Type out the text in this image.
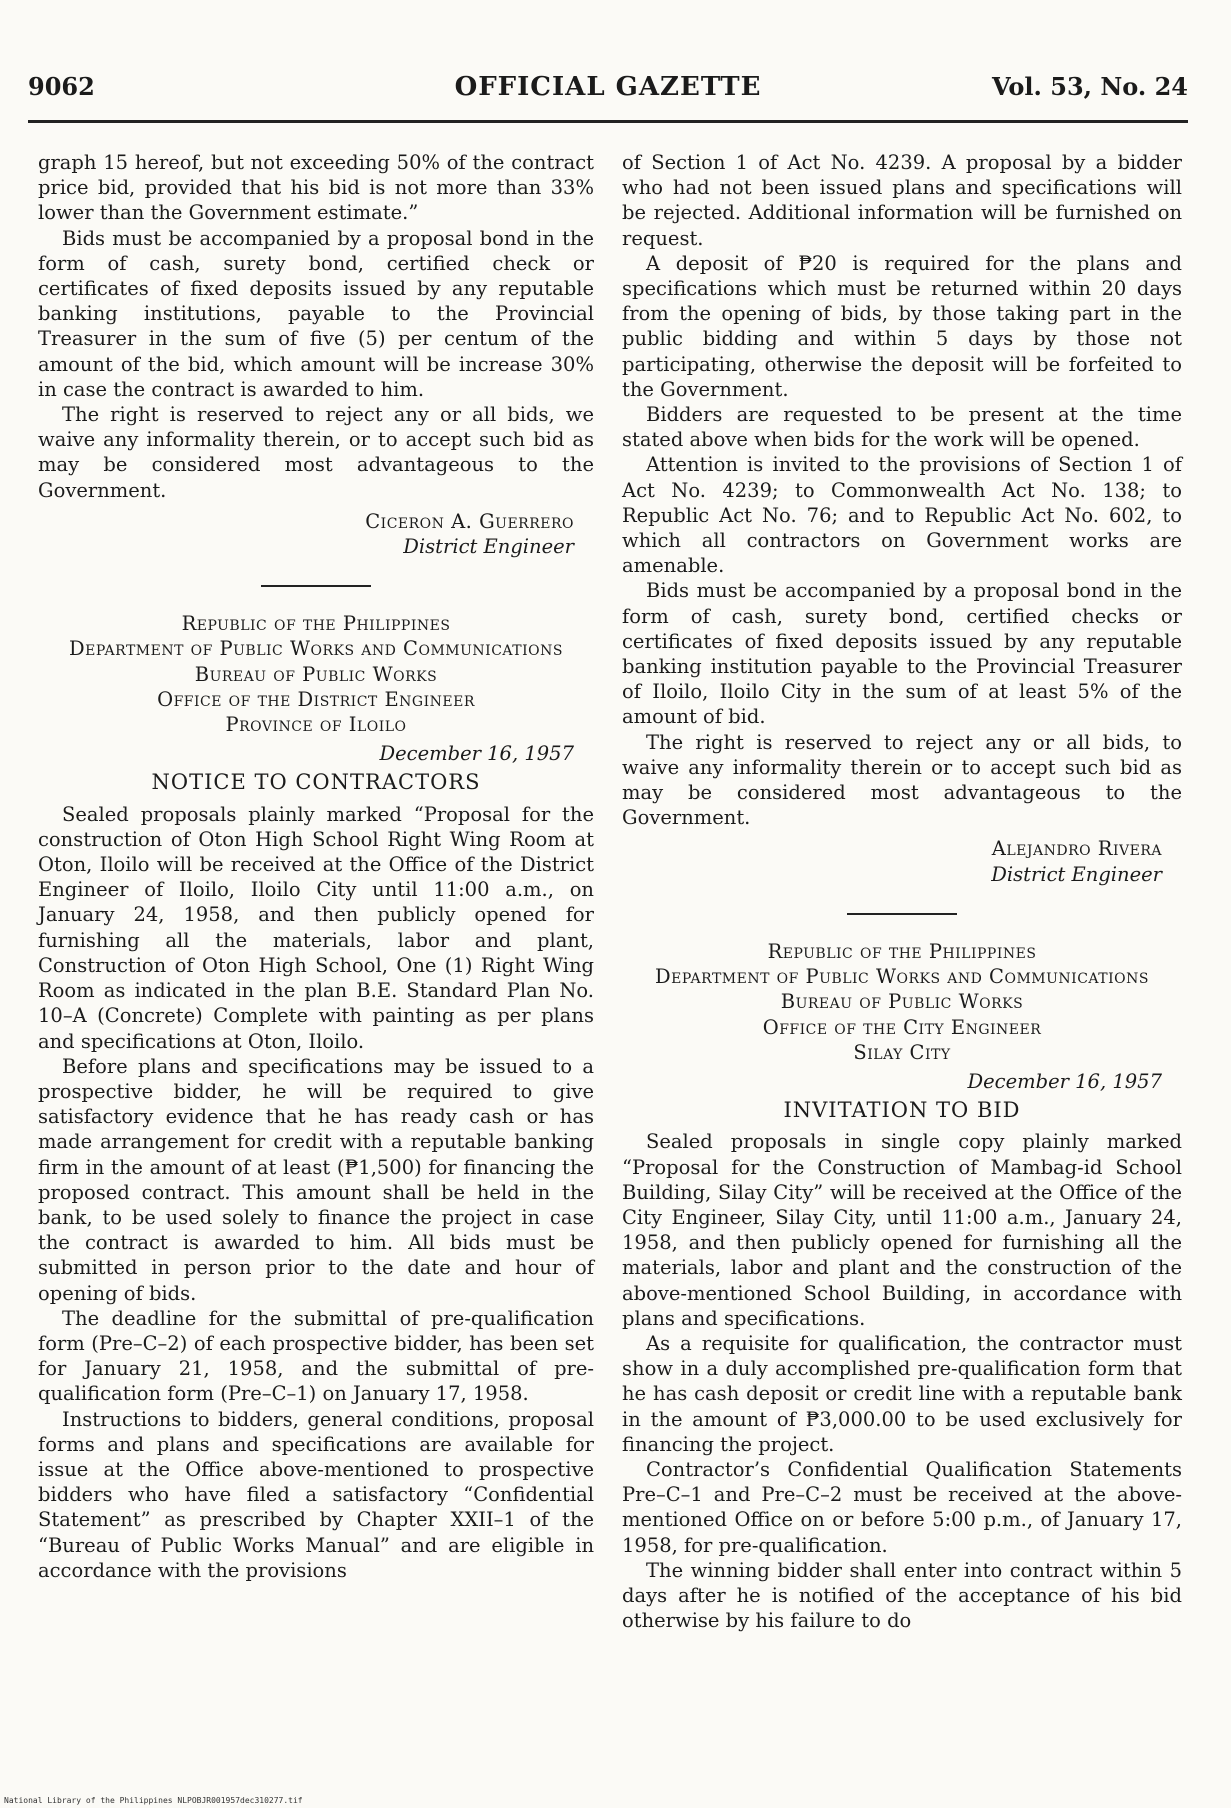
9062	OFFICIAL GAZETTE	Vol. 53, No. 24

graph 15 hereof, but not exceeding 50% of the contract price bid, provided that his bid is not more than 33% lower than the Government estimate.”

Bids must be accompanied by a proposal bond in the form of cash, surety bond, certified check or certificates of fixed deposits issued by any reputable banking institutions, payable to the Provincial Treasurer in the sum of five (5) per centum of the amount of the bid, which amount will be increase 30% in case the contract is awarded to him.

The right is reserved to reject any or all bids, we waive any informality therein, or to accept such bid as may be considered most advantageous to the Government.

Ciceron A. Guerrero
District Engineer
Republic of the Philippines
Department of Public Works and Communications
Bureau of Public Works
Office of the District Engineer
Province of Iloilo
December 16, 1957
NOTICE TO CONTRACTORS

Sealed proposals plainly marked “Proposal for the construction of Oton High School Right Wing Room at Oton, Iloilo will be received at the Office of the District Engineer of Iloilo, Iloilo City until 11:00 a.m., on January 24, 1958, and then publicly opened for furnishing all the materials, labor and plant, Construction of Oton High School, One (1) Right Wing Room as indicated in the plan B.E. Standard Plan No. 10–A (Concrete) Complete with painting as per plans and specifications at Oton, Iloilo.

Before plans and specifications may be issued to a prospective bidder, he will be required to give satisfactory evidence that he has ready cash or has made arrangement for credit with a reputable banking firm in the amount of at least (₱1,500) for financing the proposed contract. This amount shall be held in the bank, to be used solely to finance the project in case the contract is awarded to him. All bids must be submitted in person prior to the date and hour of opening of bids.

The deadline for the submittal of pre-qualification form (Pre–C–2) of each prospective bidder, has been set for January 21, 1958, and the submittal of pre-qualification form (Pre–C–1) on January 17, 1958.

Instructions to bidders, general conditions, proposal forms and plans and specifications are available for issue at the Office above-mentioned to prospective bidders who have filed a satisfactory “Confidential Statement” as prescribed by Chapter XXII–1 of the “Bureau of Public Works Manual” and are eligible in accordance with the provisions

of Section 1 of Act No. 4239. A proposal by a bidder who had not been issued plans and specifications will be rejected. Additional information will be furnished on request.

A deposit of ₱20 is required for the plans and specifications which must be returned within 20 days from the opening of bids, by those taking part in the public bidding and within 5 days by those not participating, otherwise the deposit will be forfeited to the Government.

Bidders are requested to be present at the time stated above when bids for the work will be opened.

Attention is invited to the provisions of Section 1 of Act No. 4239; to Commonwealth Act No. 138; to Republic Act No. 76; and to Republic Act No. 602, to which all contractors on Government works are amenable.

Bids must be accompanied by a proposal bond in the form of cash, surety bond, certified checks or certificates of fixed deposits issued by any reputable banking institution payable to the Provincial Treasurer of Iloilo, Iloilo City in the sum of at least 5% of the amount of bid.

The right is reserved to reject any or all bids, to waive any informality therein or to accept such bid as may be considered most advantageous to the Government.

Alejandro Rivera
District Engineer
Republic of the Philippines
Department of Public Works and Communications
Bureau of Public Works
Office of the City Engineer
Silay City
December 16, 1957
INVITATION TO BID

Sealed proposals in single copy plainly marked “Proposal for the Construction of Mambag-id School Building, Silay City” will be received at the Office of the City Engineer, Silay City, until 11:00 a.m., January 24, 1958, and then publicly opened for furnishing all the materials, labor and plant and the construction of the above-mentioned School Building, in accordance with plans and specifications.

As a requisite for qualification, the contractor must show in a duly accomplished pre-qualification form that he has cash deposit or credit line with a reputable bank in the amount of ₱3,000.00 to be used exclusively for financing the project.

Contractor’s Confidential Qualification Statements Pre–C–1 and Pre–C–2 must be received at the above-mentioned Office on or before 5:00 p.m., of January 17, 1958, for pre-qualification.

The winning bidder shall enter into contract within 5 days after he is notified of the acceptance of his bid otherwise by his failure to do

National Library of the Philippines NLPOBJR001957dec310277.tif
